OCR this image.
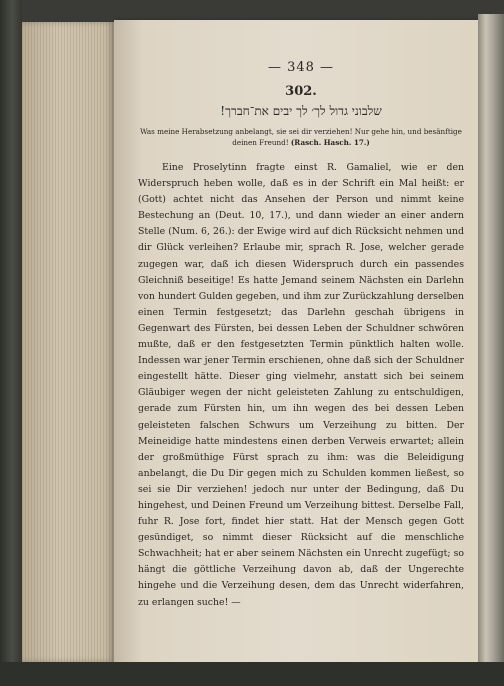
— 348 —
302.
שלבוני גדול לך׳ לך יבים את־חברך!
Was meine Herabsetzung anbelangt, sie sei dir verziehen! Nur gehe hin, und besänftige deinen Freund! (Rasch. Hasch. 17.)
Eine Proselytinn fragte einst R. Gamaliel, wie er den Widerspruch heben wolle, daß es in der Schrift ein Mal heißt: er (Gott) achtet nicht das Ansehen der Person und nimmt keine Bestechung an (Deut. 10, 17.), und dann wieder an einer andern Stelle (Num. 6, 26.): der Ewige wird auf dich Rücksicht nehmen und dir Glück verleihen? Erlaube mir, sprach R. Jose, welcher gerade zugegen war, daß ich diesen Widerspruch durch ein passendes Gleichniß beseitige! Es hatte Jemand seinem Nächsten ein Darlehn von hundert Gulden gegeben, und ihm zur Zurückzahlung derselben einen Termin festgesetzt; das Darlehn geschah übrigens in Gegenwart des Fürsten, bei dessen Leben der Schuldner schwören mußte, daß er den festgesetzten Termin pünktlich halten wolle. Indessen war jener Termin erschienen, ohne daß sich der Schuldner eingestellt hätte. Dieser ging vielmehr, anstatt sich bei seinem Gläubiger wegen der nicht geleisteten Zahlung zu entschuldigen, gerade zum Fürsten hin, um ihn wegen des bei dessen Leben geleisteten falschen Schwurs um Verzeihung zu bitten. Der Meineidige hatte mindestens einen derben Verweis erwartet; allein der großmüthige Fürst sprach zu ihm: was die Beleidigung anbelangt, die Du Dir gegen mich zu Schulden kommen ließest, so sei sie Dir verziehen! jedoch nur unter der Bedingung, daß Du hingehest, und Deinen Freund um Verzeihung bittest. Derselbe Fall, fuhr R. Jose fort, findet hier statt. Hat der Mensch gegen Gott gesündiget, so nimmt dieser Rücksicht auf die menschliche Schwachheit; hat er aber seinem Nächsten ein Unrecht zugefügt; so hängt die göttliche Verzeihung davon ab, daß der Ungerechte hingehe und die Verzeihung desen, dem das Unrecht widerfahren, zu erlangen suche! —
